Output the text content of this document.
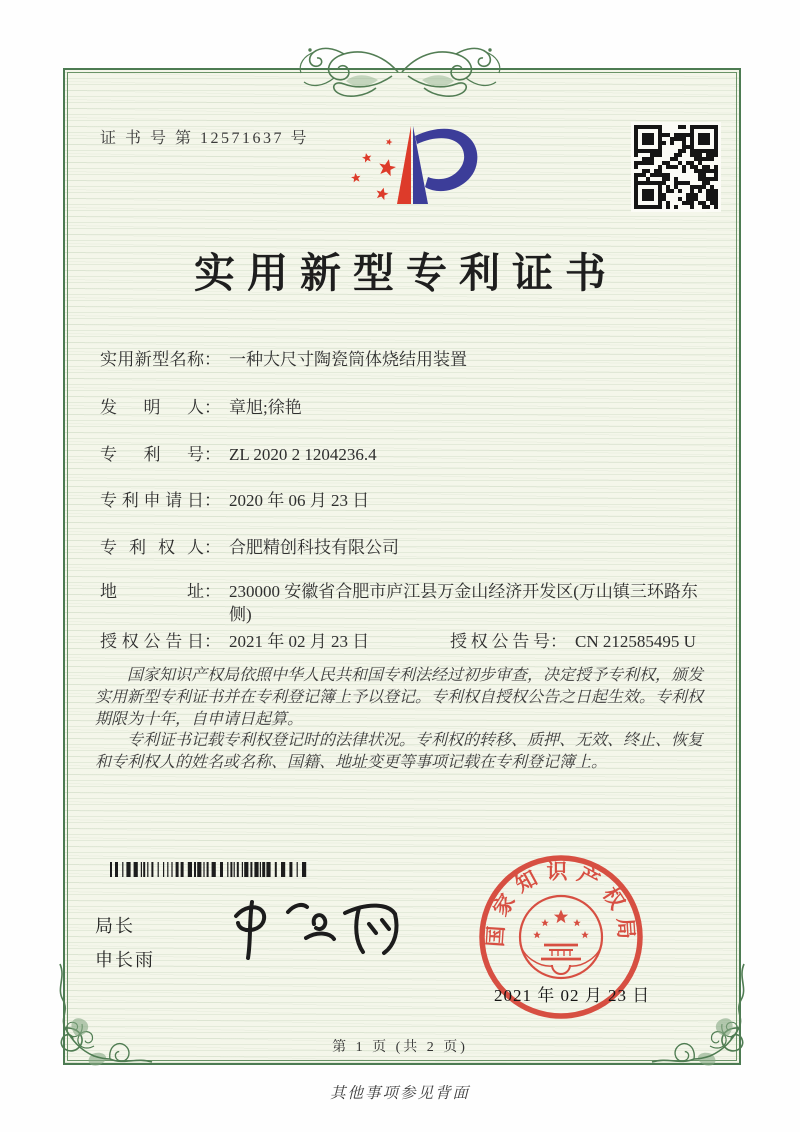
证 书 号 第 12571637 号
实用新型专利证书
实用新型名称： 一种大尺寸陶瓷筒体烧结用装置
发明人： 章旭;徐艳
专利号： ZL 2020 2 1204236.4
专利申请日： 2020 年 06 月 23 日
专利权人： 合肥精创科技有限公司
地址： 230000 安徽省合肥市庐江县万金山经济开发区(万山镇三环路东侧)
授权公告日： 2021 年 02 月 23 日	授权公告号： CN 212585495 U

国家知识产权局依照中华人民共和国专利法经过初步审查，决定授予专利权，颁发实用新型专利证书并在专利登记簿上予以登记。专利权自授权公告之日起生效。专利权期限为十年，自申请日起算。

专利证书记载专利权登记时的法律状况。专利权的转移、质押、无效、终止、恢复和专利权人的姓名或名称、国籍、地址变更等事项记载在专利登记簿上。

局长
申长雨
国家知识产权局
2021 年 02 月 23 日
第 1 页 (共 2 页)
其他事项参见背面
